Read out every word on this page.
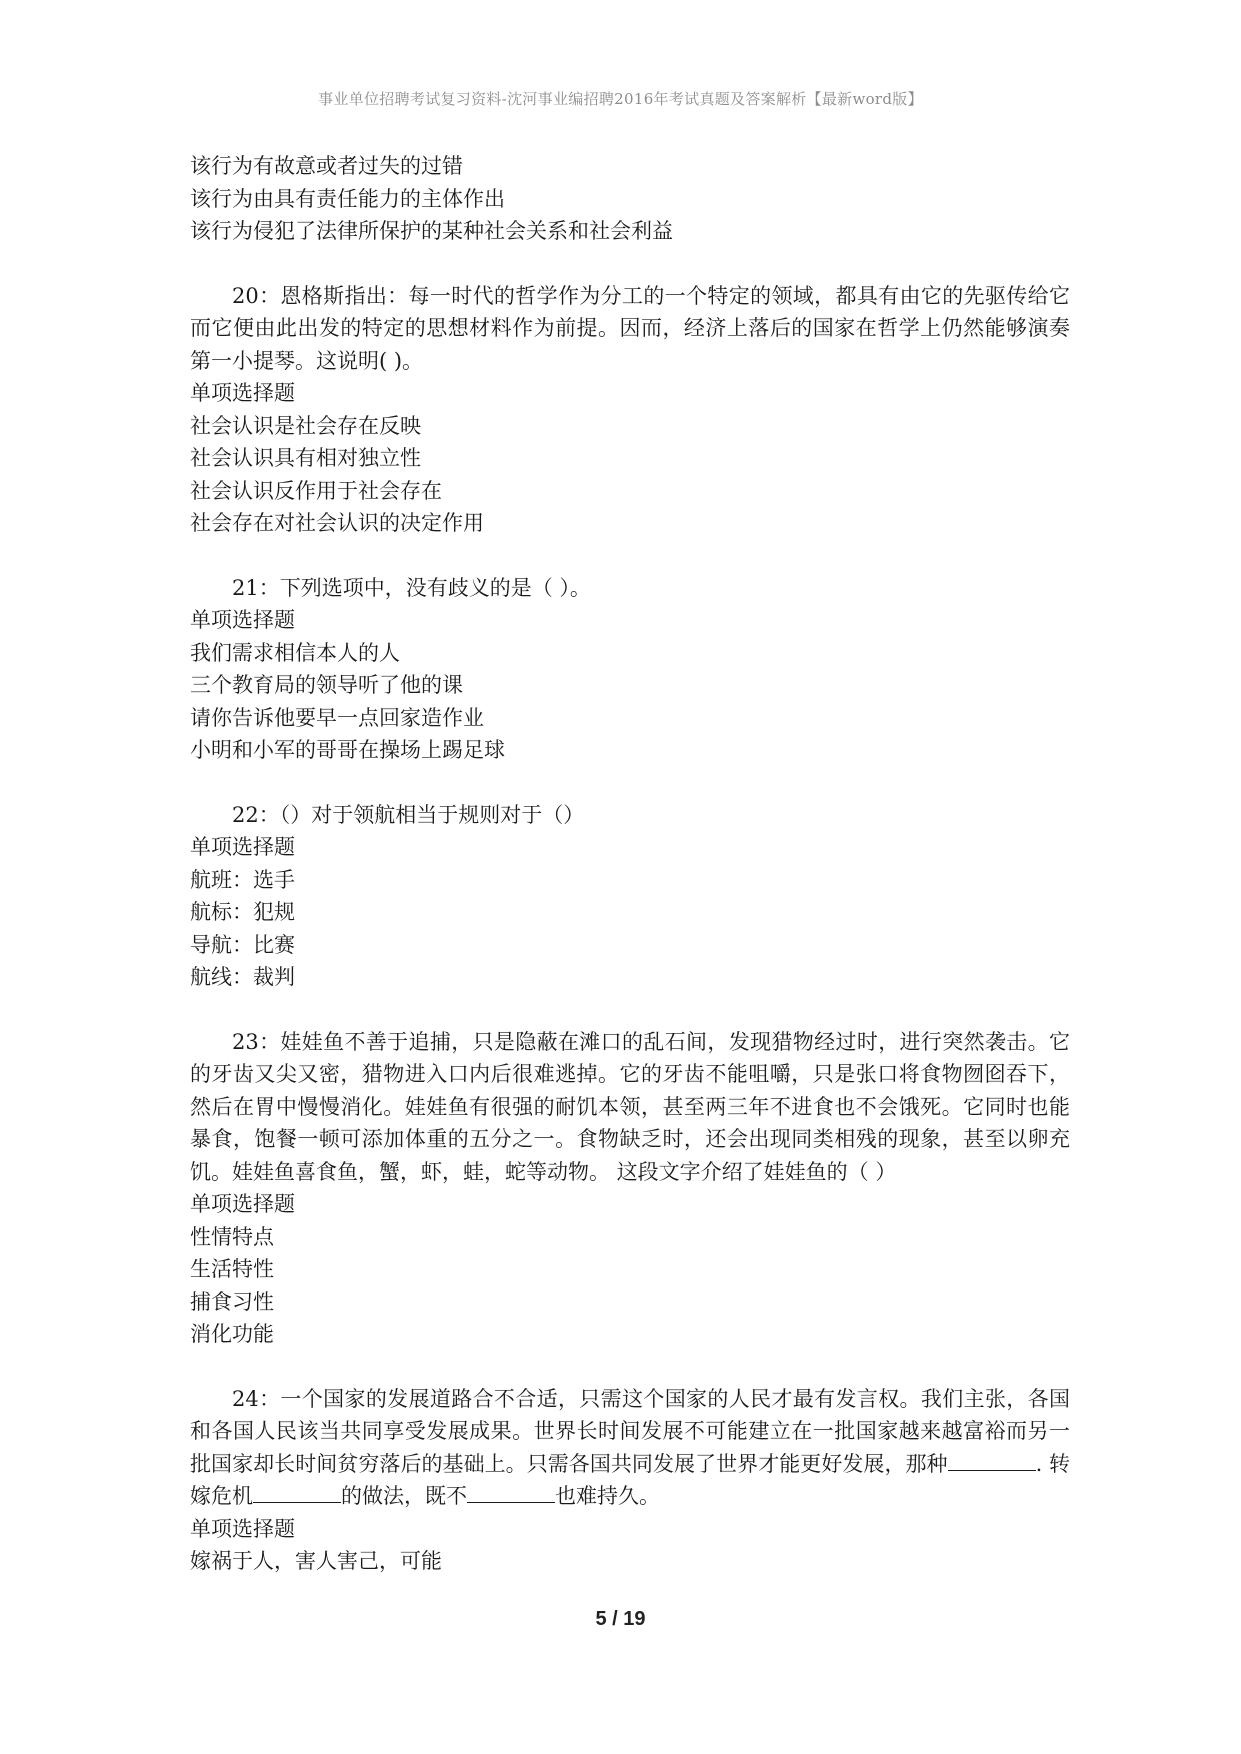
事业单位招聘考试复习资料-沈河事业编招聘2016年考试真题及答案解析【最新word版】
该行为有故意或者过失的过错
该行为由具有责任能力的主体作出
该行为侵犯了法律所保护的某种社会关系和社会利益
20：恩格斯指出：每一时代的哲学作为分工的一个特定的领域，都具有由它的先驱传给它而它便由此出发的特定的思想材料作为前提。因而，经济上落后的国家在哲学上仍然能够演奏第一小提琴。这说明( )。
单项选择题
社会认识是社会存在反映
社会认识具有相对独立性
社会认识反作用于社会存在
社会存在对社会认识的决定作用
21：下列选项中，没有歧义的是（ ）。
单项选择题
我们需求相信本人的人
三个教育局的领导听了他的课
请你告诉他要早一点回家造作业
小明和小军的哥哥在操场上踢足球
22：（）对于领航相当于规则对于（）
单项选择题
航班：选手
航标：犯规
导航：比赛
航线：裁判
23：娃娃鱼不善于追捕，只是隐蔽在滩口的乱石间，发现猎物经过时，进行突然袭击。它的牙齿又尖又密，猎物进入口内后很难逃掉。它的牙齿不能咀嚼，只是张口将食物囫囵吞下，然后在胃中慢慢消化。娃娃鱼有很强的耐饥本领，甚至两三年不进食也不会饿死。它同时也能暴食，饱餐一顿可添加体重的五分之一。食物缺乏时，还会出现同类相残的现象，甚至以卵充饥。娃娃鱼喜食鱼，蟹，虾，蛙，蛇等动物。 这段文字介绍了娃娃鱼的（ ）
单项选择题
性情特点
生活特性
捕食习性
消化功能
24：一个国家的发展道路合不合适，只需这个国家的人民才最有发言权。我们主张，各国和各国人民该当共同享受发展成果。世界长时间发展不可能建立在一批国家越来越富裕而另一批国家却长时间贫穷落后的基础上。只需各国共同发展了世界才能更好发展，那种	. 转嫁危机	的做法，既不	也难持久。
单项选择题
嫁祸于人，害人害己，可能
5 / 19
